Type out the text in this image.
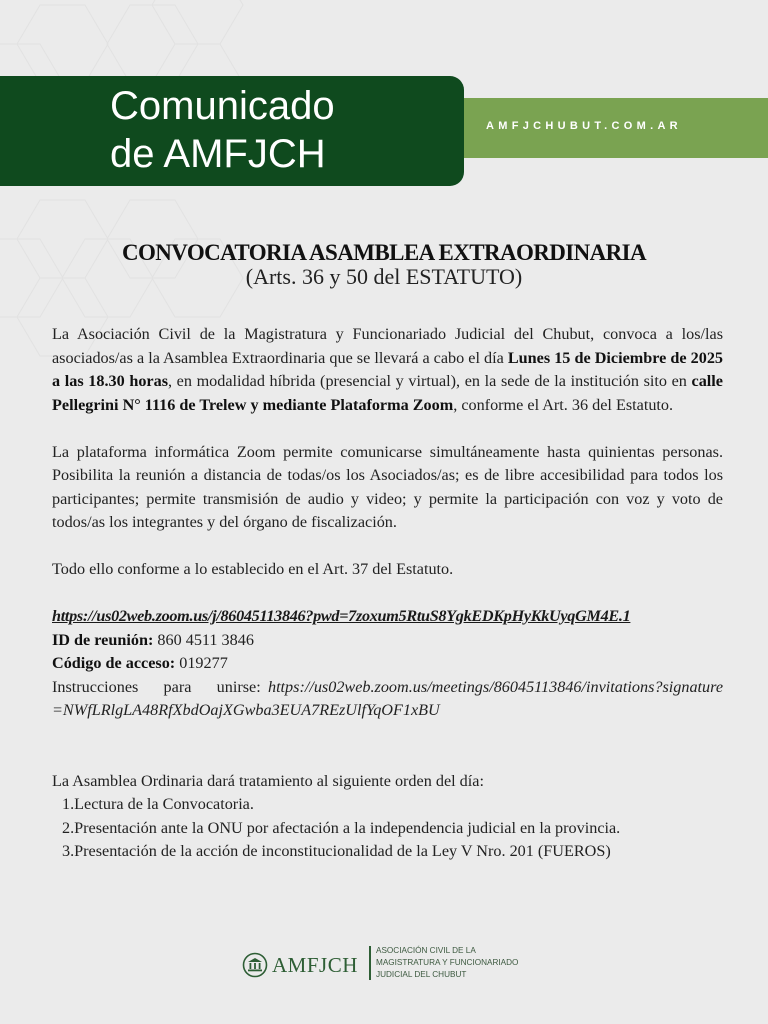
Comunicado
de AMFJCH
AMFJCHUBUT.COM.AR
CONVOCATORIA ASAMBLEA EXTRAORDINARIA
(Arts. 36 y 50 del ESTATUTO)

La Asociación Civil de la Magistratura y Funcionariado Judicial del Chubut, convoca a los/las asociados/as a la Asamblea Extraordinaria que se llevará a cabo el día Lunes 15 de Diciembre de 2025 a las 18.30 horas, en modalidad híbrida (presencial y virtual), en la sede de la institución sito en calle Pellegrini N° 1116 de Trelew y mediante Plataforma Zoom, conforme el Art. 36 del Estatuto.

La plataforma informática Zoom permite comunicarse simultáneamente hasta quinientas personas. Posibilita la reunión a distancia de todas/os los Asociados/as; es de libre accesibilidad para todos los participantes; permite transmisión de audio y video; y permite la participación con voz y voto de todos/as los integrantes y del órgano de fiscalización.

Todo ello conforme a lo establecido en el Art. 37 del Estatuto.

https://us02web.zoom.us/j/86045113846?pwd=7zoxum5RtuS8YgkEDKpHyKkUyqGM4E.1
ID de reunión: 860 4511 3846
Código de acceso: 019277

Instrucciones para unirse: https://us02web.zoom.us/meetings/86045113846/invitations?signature=NWfLRlgLA48RfXbdOajXGwba3EUA7REzUlfYqOF1xBU

La Asamblea Ordinaria dará tratamiento al siguiente orden del día:

1.Lectura de la Convocatoria.
2.Presentación ante la ONU por afectación a la independencia judicial en la provincia.
3.Presentación de la acción de inconstitucionalidad de la Ley V Nro. 201 (FUEROS)
AMFJCH
ASOCIACIÓN CIVIL DE LA
MAGISTRATURA Y FUNCIONARIADO
JUDICIAL DEL CHUBUT
